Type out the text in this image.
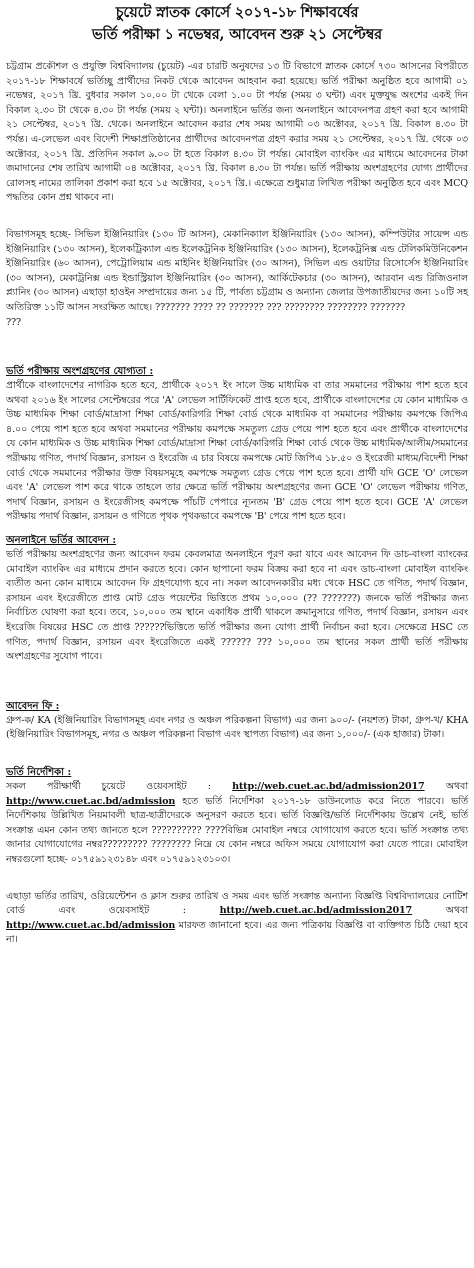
চুয়েটে স্নাতক কোর্সে ২০১৭-১৮ শিক্ষাবর্ষের
ভর্তি পরীক্ষা ১ নভেম্বর, আবেদন শুরু ২১ সেপ্টেম্বর
চট্টগ্রাম প্রকৌশল ও প্রযুক্তি বিশ্ববিদ্যালয় (চুয়েট) -এর চারটি অনুষদের ১৩ টি বিভাগে স্নাতক কোর্সে ৭৩০ আসনের বিপরীতে ২০১৭-১৮ শিক্ষাবর্ষে ভর্তিচ্ছু প্রার্থীদের নিকট থেকে আবেদন আহবান করা হয়েছে। ভর্তি পরীক্ষা অনুষ্ঠিত হবে আগামী ০১ নভেম্বর, ২০১৭ খ্রি. বুধবার সকাল ১০.০০ টা থেকে বেলা ১.০০ টা পর্যন্ত (সময় ৩ ঘন্টা) এবং মুক্তযুদ্ধ অংশের একই দিন বিকাল ২.৩০ টা থেকে ৪.৩০ টা পর্যন্ত (সময় ২ ঘন্টা)। অনলাইনে ভর্তির জন্য অনলাইনে আবেদনপত্র গ্রহণ করা হবে আগামী ২১ সেপ্টেম্বর, ২০১৭ খ্রি. থেকে। অনলাইনে আবেদন করার শেষ সময় আগামী ০৩ অক্টোবর, ২০১৭ খ্রি. বিকাল ৪.৩০ টা পর্যন্ত। এ-লেভেল এবং বিদেশী শিক্ষাপ্রতিষ্ঠানের প্রার্থীদের আবেদনপত্র গ্রহণ করার সময় ২১ সেপ্টেম্বর, ২০১৭ খ্রি. থেকে ০৩ অক্টোবর, ২০১৭ খ্রি. প্রতিদিন সকাল ৯.০০ টা হতে বিকাল ৪.৩০ টা পর্যন্ত। মোবাইল ব্যাংকিং এর মাধ্যমে আবেদনের টাকা জমাদানের শেষ তারিখ আগামী ০৪ অক্টোবর, ২০১৭ খ্রি. বিকাল ৪.৩০ টা পর্যন্ত। ভর্তি পরীক্ষায় অংশগ্রহণের যোগ্য প্রার্থীদের রোলসহ নামের তালিকা প্রকাশ করা হবে ১৫ অক্টোবর, ২০১৭ খ্রি.। এক্ষেত্রে শুধুমাত্র লিখিত পরীক্ষা অনুষ্ঠিত হবে এবং MCQ পদ্ধতির কোন প্রশ্ন থাকবে না।
বিভাগসমূহ হচ্ছে- সিভিল ইঞ্জিনিয়ারিং (১৩০ টি আসন), মেকানিক্যাল ইঞ্জিনিয়ারিং (১৩০ আসন), কম্পিউটার সায়েন্স এন্ড ইঞ্জিনিয়ারিং (১৩০ আসন), ইলেকট্রিক্যাল এন্ড ইলেকট্রনিক ইঞ্জিনিয়ারিং (১৩০ আসন), ইলেকট্রনিক্স এন্ড টেলিকমিউনিকেশন ইঞ্জিনিয়ারিং (৬০ আসন), পেট্রোলিয়াম এন্ড মাইনিং ইঞ্জিনিয়ারিং (৩০ আসন), সিভিল এন্ড ওয়াটার রিসোর্সেস ইঞ্জিনিয়ারিং (৩০ আসন), মেকাট্রনিক্স এন্ড ইন্ডাস্ট্রিয়াল ইঞ্জিনিয়ারিং (৩০ আসন), আর্কিটেকচার (৩০ আসন), আরবান এন্ড রিজিওনাল প্ল্যানিং (৩০ আসন) এছাড়া হাওইন সম্প্রদায়ের জন্য ১৫ টি, পার্বত্য চট্টগ্রাম ও অন্যান্য জেলার উপজাতীয়দের জন্য ১০টি সহ অতিরিক্ত ১১টি আসন সংরক্ষিত আছে। ??????? ???? ?? ??????? ??? ???????? ???????? ???????
???
ভর্তি পরীক্ষায় অংশগ্রহণের যোগ্যতা :
প্রার্থীকে বাংলাদেশের নাগরিক হতে হবে, প্রার্থীকে ২০১৭ ইং সালে উচ্চ মাধ্যমিক বা তার সমমানের পরীক্ষায় পাশ হতে হবে অথবা ২০১৬ ইং সালের সেপ্টেম্বরের পরে 'A' লেভেল সার্টিফিকেট প্রাপ্ত হতে হবে, প্রার্থীকে বাংলাদেশের যে কোন মাধ্যমিক ও উচ্চ মাধ্যমিক শিক্ষা বোর্ড/মাদ্রাসা শিক্ষা বোর্ড/কারিগরি শিক্ষা বোর্ড থেকে মাধ্যমিক বা সমমানের পরীক্ষায় কমপক্ষে জিপিএ ৪.০০ পেয়ে পাশ হতে হবে অথবা সমমানের পরীক্ষায় কমপক্ষে সমতুল্য গ্রেড পেয়ে পাশ হতে হবে এবং প্রার্থীকে বাংলাদেশের যে কোন মাধ্যমিক ও উচ্চ মাধ্যমিক শিক্ষা বোর্ড/মাদ্রাসা শিক্ষা বোর্ড/কারিগরি শিক্ষা বোর্ড থেকে উচ্চ মাধ্যমিক/আলীম/সমমানের পরীক্ষায় গণিত, পদার্থ বিজ্ঞান, রসায়ন ও ইংরেজি এ চার বিষয়ে কমপক্ষে মোট জিপিএ ১৮.৫০ ও ইংরেজী মাধ্যম/বিদেশী শিক্ষা বোর্ড থেকে সমমানের পরীক্ষার উক্ত বিষয়সমূহে কমপক্ষে সমতুল্য গ্রেড পেয়ে পাশ হতে হবে। প্রার্থী যদি GCE 'O' লেভেল এবং 'A' লেভেল পাশ করে থাকে তাহলে তার ক্ষেত্রে ভর্তি পরীক্ষায় অংশগ্রহণের জন্য GCE 'O' লেভেল পরীক্ষায় গণিত, পদার্থ বিজ্ঞান, রসায়ন ও ইংরেজীসহ কমপক্ষে পাঁচটি পেপারে ন্যূনতম 'B' গ্রেড পেয়ে পাশ হতে হবে। GCE 'A' লেভেল পরীক্ষায় পদার্থ বিজ্ঞান, রসায়ন ও গণিতে পৃথক পৃথকভাবে কমপক্ষে 'B' পেয়ে পাশ হতে হবে।
অনলাইনে ভর্তির আবেদন :
ভর্তি পরীক্ষায় অংশগ্রহণের জন্য আবেদন ফরম কেবলমাত্র অনলাইনে পূরণ করা যাবে এবং আবেদন ফি ডাচ-বাংলা ব্যাংকের মোবাইল ব্যাংকিং এর মাধ্যমে প্রদান করতে হবে। কোন ছাপানো ফরম বিক্রয় করা হবে না এবং ডাচ-বাংলা মোবাইল ব্যাংকিং ব্যতীত অন্য কোন মাধ্যমে আবেদন ফি গ্রহণযোগ্য হবে না। সকল আবেদনকারীর মধ্য থেকে HSC তে গণিত, পদার্থ বিজ্ঞান, রসায়ন এবং ইংরেজীতে প্রাপ্ত মোট গ্রেড পয়েন্টের ভিত্তিতে প্রথম ১০,০০০ (?? ???????) জনকে ভর্তি পরীক্ষার জন্য নির্বাচিত ঘোষণা করা হবে। তবে, ১০,০০০ তম স্থানে একাধিক প্রার্থী থাকলে ক্রমানুসারে গণিত, পদার্থ বিজ্ঞান, রসায়ন এবং ইংরেজি বিষয়ের HSC তে প্রাপ্ত ??????ভিত্তিতে ভর্তি পরীক্ষার জন্য যোগ্য প্রার্থী নির্বাচন করা হবে। সেক্ষেত্রে HSC তে গণিত, পদার্থ বিজ্ঞান, রসায়ন এবং ইংরেজিতে একই ?????? ??? ১০,০০০ তম স্থানের সকল প্রার্থী ভর্তি পরীক্ষায় অংশগ্রহণের সুযোগ পাবে।
আবেদন ফি :
গ্রুপ-ক/ KA (ইঞ্জিনিয়ারিং বিভাগসমূহ এবং নগর ও অঞ্চল পরিকল্পনা বিভাগ) এর জন্য ৯০০/- (নয়শত) টাকা, গ্রুপ-খ/ KHA (ইঞ্জিনিয়ারিং বিভাগসমূহ, নগর ও অঞ্চল পরিকল্পনা বিভাগ এবং স্থাপত্য বিভাগ) এর জন্য ১,০০০/- (এক হাজার) টাকা।
ভর্তি নির্দেশিকা :
সকল পরীক্ষার্থী চুয়েটে ওয়েবসাইট : http://web.cuet.ac.bd/admission2017 অথবা http://www.cuet.ac.bd/admission হতে ভর্তি নির্দেশিকা ২০১৭-১৮ ডাউনলোড করে নিতে পারবে। ভর্তি নির্দেশিকায় উল্লিখিত নিয়মাবলী ছাত্র-ছাত্রীদেরকে অনুসরণ করতে হবে। ভর্তি বিজ্ঞপ্তি/ভর্তি নির্দেশিকায় উল্লেখ নেই, ভর্তি সংক্রান্ত এমন কোন তথ্য জানতে হলে ?????????? ????বিভিন্ন মোবাইল নম্বরে যোগাযোগ করতে হবে। ভর্তি সংক্রান্ত তথ্য জানার যোগাযোগের নম্বর????????? ???????? নিম্নে যে কোন নম্বরে অফিস সময়ে যোগাযোগ করা যেতে পারে। মোবাইল নম্বরগুলো হচ্ছে- ০১৭৫৯১২৩১৪৮ এবং ০১৭৫৯১২৩১০৩।
এছাড়া ভর্তির তারিখ, ওরিয়েন্টেশন ও ক্লাস শুরুর তারিখ ও সময় এবং ভর্তি সংক্রান্ত অন্যান্য বিজ্ঞপ্তি বিশ্ববিদ্যালয়ের নোটিশ বোর্ড এবং ওয়েবসাইট : http://web.cuet.ac.bd/admission2017 অথবা http://www.cuet.ac.bd/admission মারফত জানানো হবে। এর জন্য পত্রিকায় বিজ্ঞপ্তি বা ব্যক্তিগত চিঠি দেয়া হবে না।
